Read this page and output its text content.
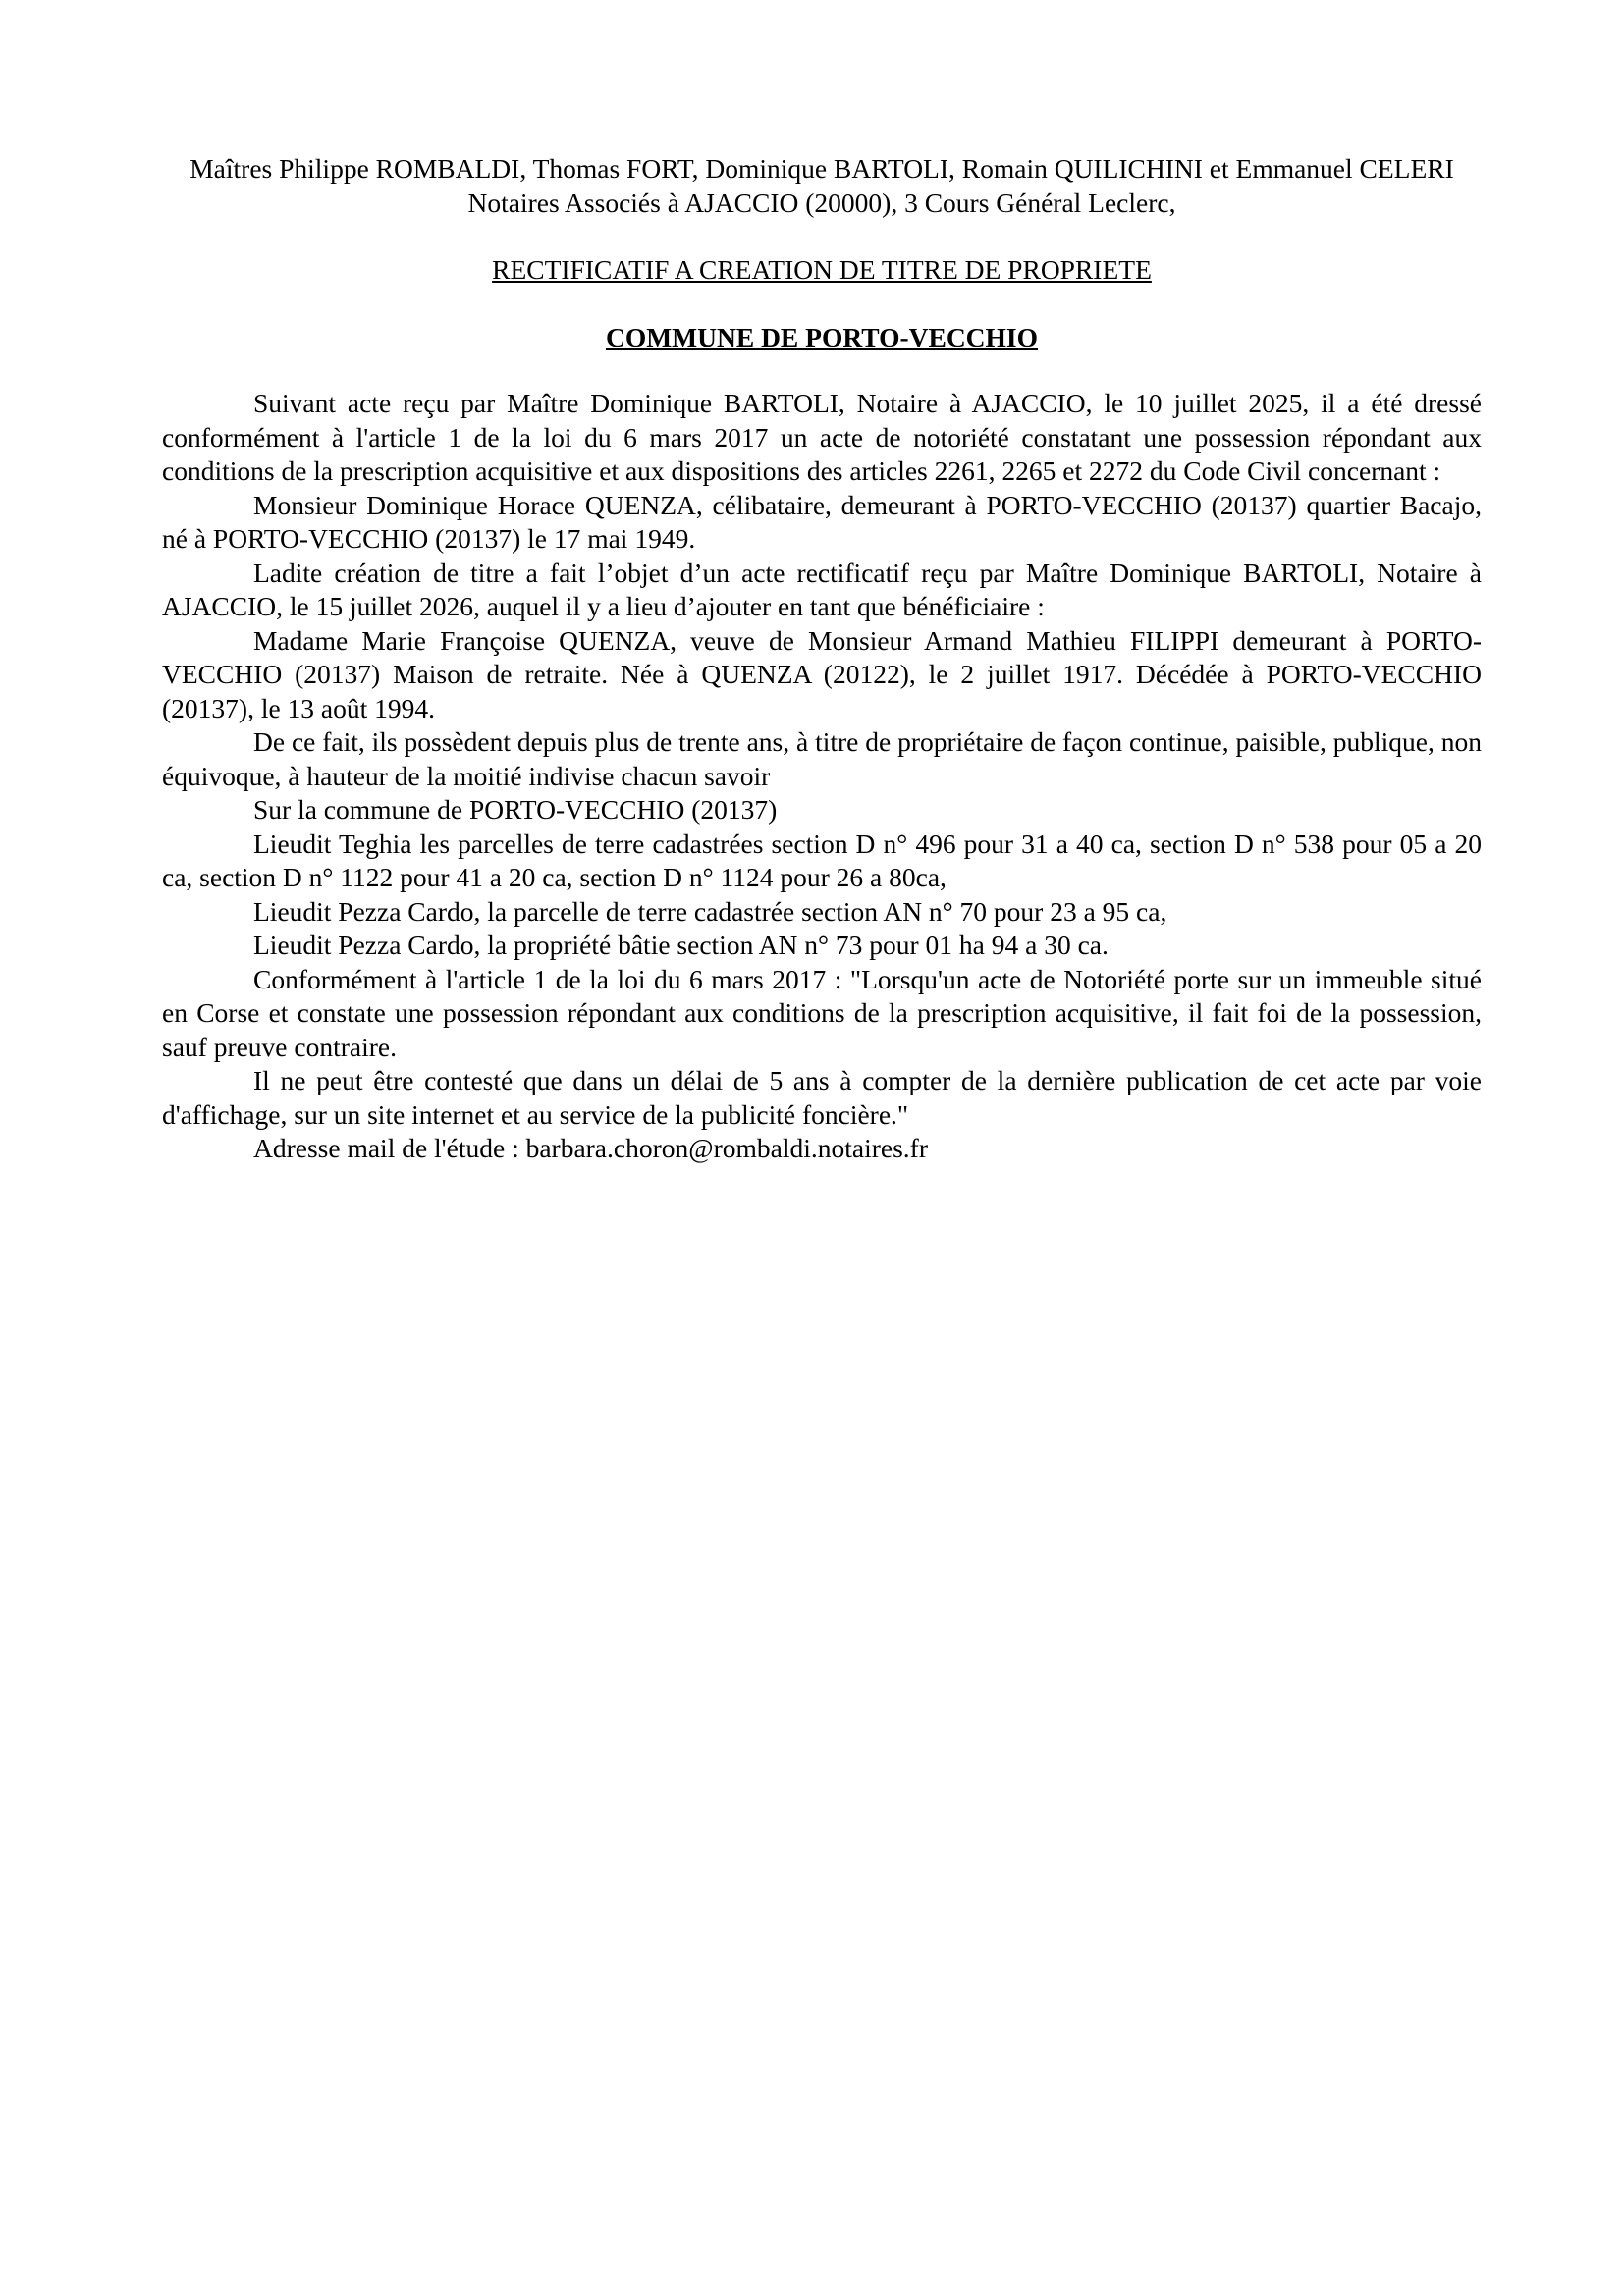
Maîtres Philippe ROMBALDI, Thomas FORT, Dominique BARTOLI, Romain QUILICHINI et Emmanuel CELERI

Notaires Associés à AJACCIO (20000), 3 Cours Général Leclerc,

RECTIFICATIF A CREATION DE TITRE DE PROPRIETE

COMMUNE DE PORTO-VECCHIO

Suivant acte reçu par Maître Dominique BARTOLI, Notaire à AJACCIO, le 10 juillet 2025, il a été dressé conformément à l'article 1 de la loi du 6 mars 2017 un acte de notoriété constatant une possession répondant aux conditions de la prescription acquisitive et aux dispositions des articles 2261, 2265 et 2272 du Code Civil concernant :

Monsieur Dominique Horace QUENZA, célibataire, demeurant à PORTO-VECCHIO (20137) quartier Bacajo, né à PORTO-VECCHIO (20137) le 17 mai 1949.

Ladite création de titre a fait l’objet d’un acte rectificatif reçu par Maître Dominique BARTOLI, Notaire à AJACCIO, le 15 juillet 2026, auquel il y a lieu d’ajouter en tant que bénéficiaire :

Madame Marie Françoise QUENZA, veuve de Monsieur Armand Mathieu FILIPPI demeurant à PORTO-VECCHIO (20137) Maison de retraite. Née à QUENZA (20122), le 2 juillet 1917. Décédée à PORTO-VECCHIO (20137), le 13 août 1994.

De ce fait, ils possèdent depuis plus de trente ans, à titre de propriétaire de façon continue, paisible, publique, non équivoque, à hauteur de la moitié indivise chacun savoir

Sur la commune de PORTO-VECCHIO (20137)

Lieudit Teghia les parcelles de terre cadastrées section D n° 496 pour 31 a 40 ca, section D n° 538 pour 05 a 20 ca, section D n° 1122 pour 41 a 20 ca, section D n° 1124 pour 26 a 80ca,

Lieudit Pezza Cardo, la parcelle de terre cadastrée section AN n° 70 pour 23 a 95 ca,

Lieudit Pezza Cardo, la propriété bâtie section AN n° 73 pour 01 ha 94 a 30 ca.

Conformément à l'article 1 de la loi du 6 mars 2017 : "Lorsqu'un acte de Notoriété porte sur un immeuble situé en Corse et constate une possession répondant aux conditions de la prescription acquisitive, il fait foi de la possession, sauf preuve contraire.

Il ne peut être contesté que dans un délai de 5 ans à compter de la dernière publication de cet acte par voie d'affichage, sur un site internet et au service de la publicité foncière."

Adresse mail de l'étude : barbara.choron@rombaldi.notaires.fr
